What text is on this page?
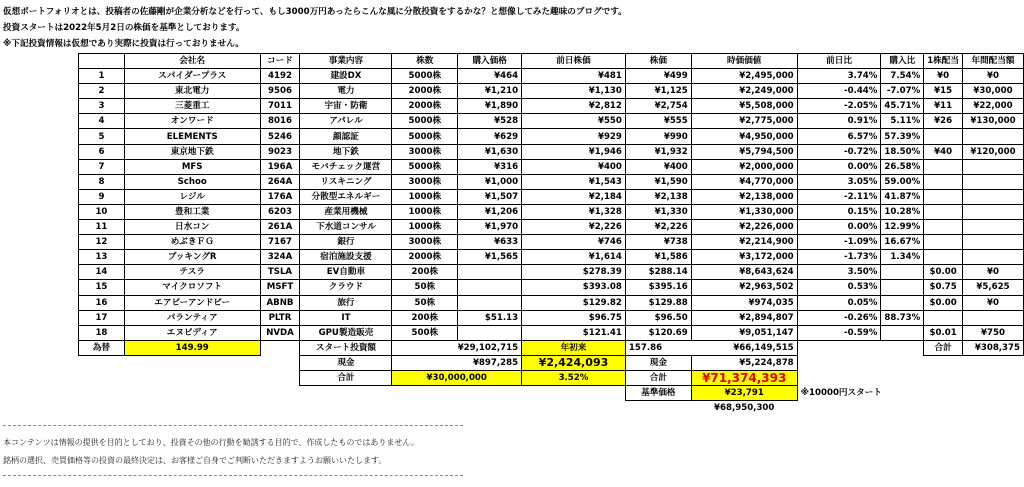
仮想ポートフォリオとは、投稿者の佐藤剛が企業分析などを行って、もし3000万円あったらこんな風に分散投資をするかな？と想像してみた趣味のブログです。
投資スタートは2022年5月2日の株価を基準としております。
※下記投資情報は仮想であり実際に投資は行っておりません。
	会社名	コード	事業内容	株数	購入価格	前日株価	株価	時価価値	前日比	購入比	1株配当	年間配当額
1	スパイダープラス	4192	建設DX	5000株	¥464	¥481	¥499	¥2,495,000	3.74%	7.54%	¥0	¥0
2	東北電力	9506	電力	2000株	¥1,210	¥1,130	¥1,125	¥2,249,000	-0.44%	-7.07%	¥15	¥30,000
3	三菱重工	7011	宇宙・防衛	2000株	¥1,890	¥2,812	¥2,754	¥5,508,000	-2.05%	45.71%	¥11	¥22,000
4	オンワード	8016	アパレル	5000株	¥528	¥550	¥555	¥2,775,000	0.91%	5.11%	¥26	¥130,000
5	ELEMENTS	5246	顔認証	5000株	¥629	¥929	¥990	¥4,950,000	6.57%	57.39%		
6	東京地下鉄	9023	地下鉄	3000株	¥1,630	¥1,946	¥1,932	¥5,794,500	-0.72%	18.50%	¥40	¥120,000
7	MFS	196A	モバチェック運営	5000株	¥316	¥400	¥400	¥2,000,000	0.00%	26.58%		
8	Schoo	264A	リスキニング	3000株	¥1,000	¥1,543	¥1,590	¥4,770,000	3.05%	59.00%		
9	レジル	176A	分散型エネルギー	1000株	¥1,507	¥2,184	¥2,138	¥2,138,000	-2.11%	41.87%		
10	豊和工業	6203	産業用機械	1000株	¥1,206	¥1,328	¥1,330	¥1,330,000	0.15%	10.28%		
11	日水コン	261A	下水道コンサル	1000株	¥1,970	¥2,226	¥2,226	¥2,226,000	0.00%	12.99%		
12	めぶきＦＧ	7167	銀行	3000株	¥633	¥746	¥738	¥2,214,900	-1.09%	16.67%		
13	ブッキングR	324A	宿泊施設支援	2000株	¥1,565	¥1,614	¥1,586	¥3,172,000	-1.73%	1.34%		
14	テスラ	TSLA	EV自動車	200株		$278.39	$288.14	¥8,643,624	3.50%		$0.00	¥0
15	マイクロソフト	MSFT	クラウド	50株		$393.08	$395.16	¥2,963,502	0.53%		$0.75	¥5,625
16	エアビーアンドビー	ABNB	旅行	50株		$129.82	$129.88	¥974,035	0.05%		$0.00	¥0
17	パランティア	PLTR	IT	200株	$51.13	$96.75	$96.50	¥2,894,807	-0.26%	88.73%		
18	エヌビディア	NVDA	GPU製造販売	500株		$121.41	$120.69	¥9,051,147	-0.59%		$0.01	¥750
為替	149.99		スタート投資額	¥29,102,715		年初来	157.86	¥66,149,515			合計	¥308,375
			現金	¥897,285		¥2,424,093	現金	¥5,224,878				
			合計	¥30,000,000		3.52%	合計	¥71,374,393				
							基準価格	¥23,791	※10000円スタート			
								¥68,950,300				
本コンテンツは情報の提供を目的としており、投資その他の行動を勧誘する目的で、作成したものではありません。
銘柄の選択、売買価格等の投資の最終決定は、お客様ご自身でご判断いただきますようお願いいたします。
